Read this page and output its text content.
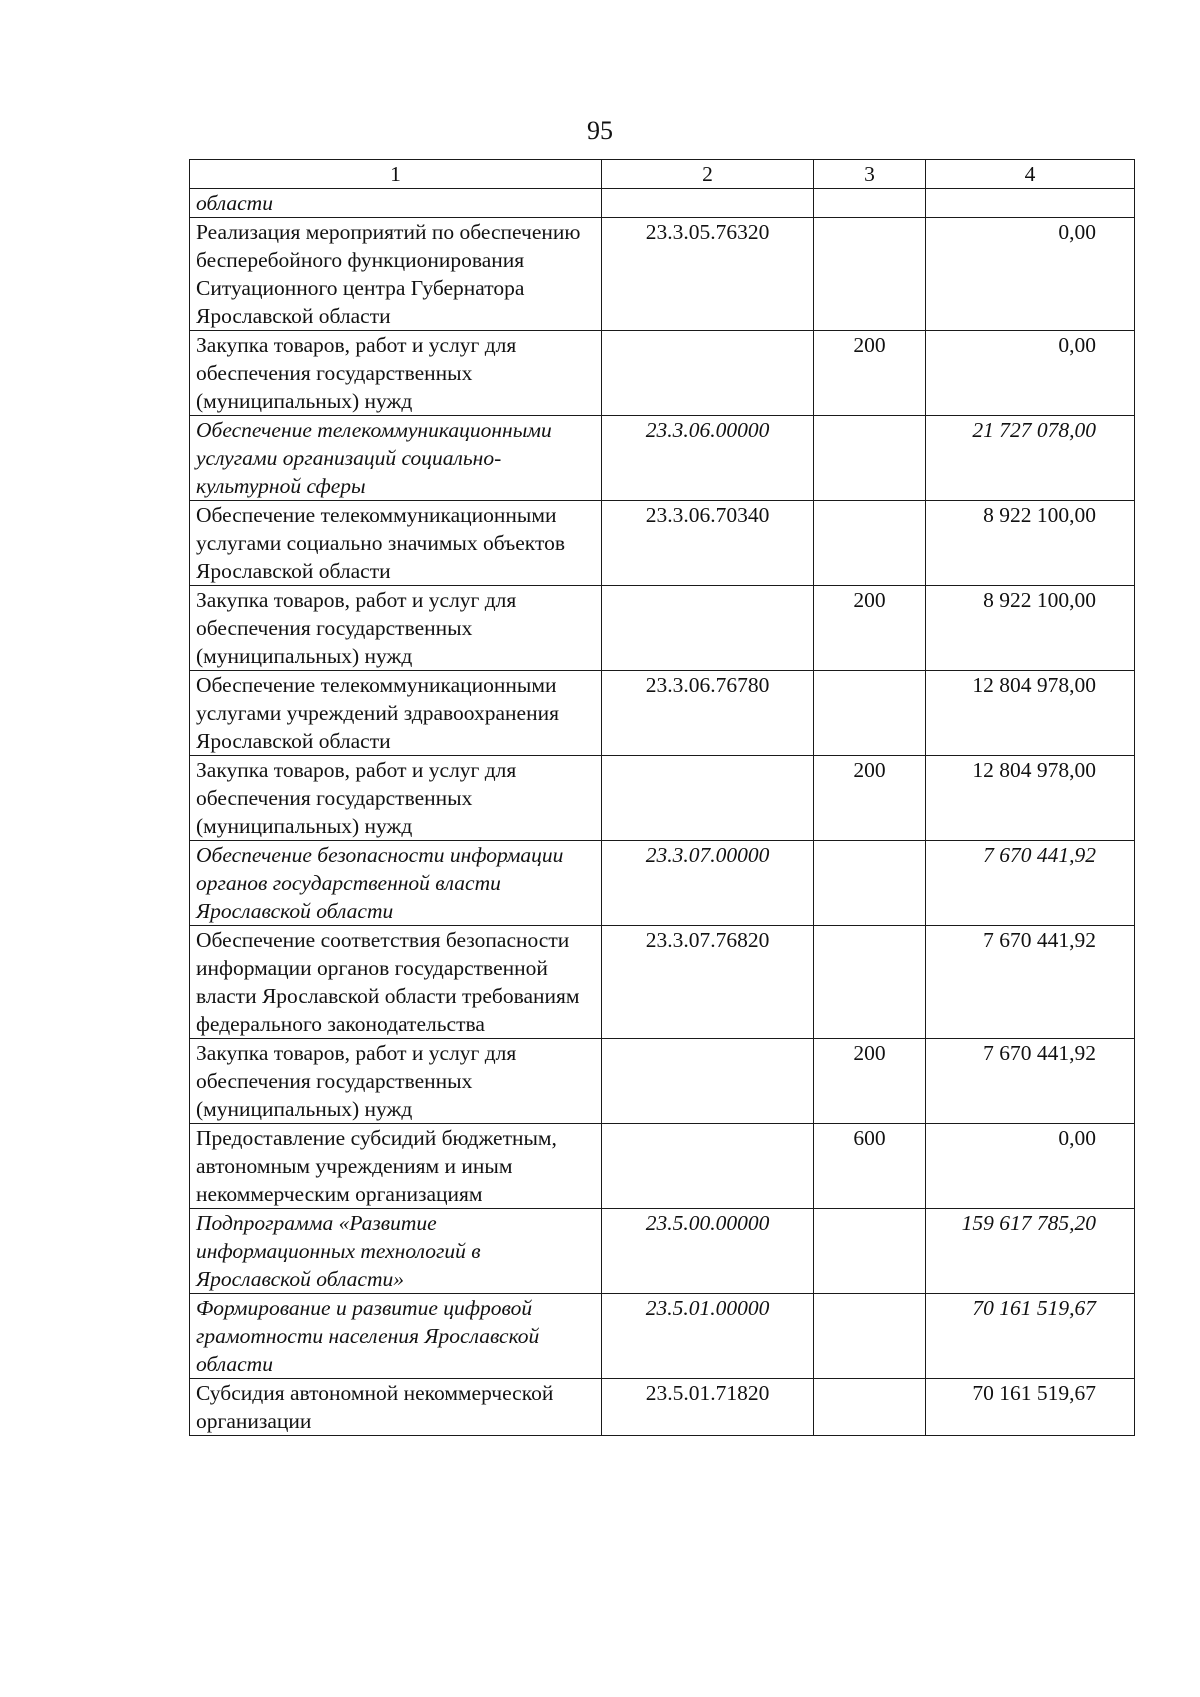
95
1	2	3	4
области			
Реализация мероприятий по обеспечению бесперебойного функционирования Ситуационного центра Губернатора Ярославской области	23.3.05.76320		0,00
Закупка товаров, работ и услуг для обеспечения государственных (муниципальных) нужд		200	0,00
Обеспечение телекоммуникационными услугами организаций социально-культурной сферы	23.3.06.00000		21 727 078,00
Обеспечение телекоммуникационными услугами социально значимых объектов Ярославской области	23.3.06.70340		8 922 100,00
Закупка товаров, работ и услуг для обеспечения государственных (муниципальных) нужд		200	8 922 100,00
Обеспечение телекоммуникационными услугами учреждений здравоохранения Ярославской области	23.3.06.76780		12 804 978,00
Закупка товаров, работ и услуг для обеспечения государственных (муниципальных) нужд		200	12 804 978,00
Обеспечение безопасности информации органов государственной власти Ярославской области	23.3.07.00000		7 670 441,92
Обеспечение соответствия безопасности информации органов государственной власти Ярославской области требованиям федерального законодательства	23.3.07.76820		7 670 441,92
Закупка товаров, работ и услуг для обеспечения государственных (муниципальных) нужд		200	7 670 441,92
Предоставление субсидий бюджетным, автономным учреждениям и иным некоммерческим организациям		600	0,00
Подпрограмма «Развитие информационных технологий в Ярославской области»	23.5.00.00000		159 617 785,20
Формирование и развитие цифровой грамотности населения Ярославской области	23.5.01.00000		70 161 519,67
Субсидия автономной некоммерческой организации	23.5.01.71820		70 161 519,67
